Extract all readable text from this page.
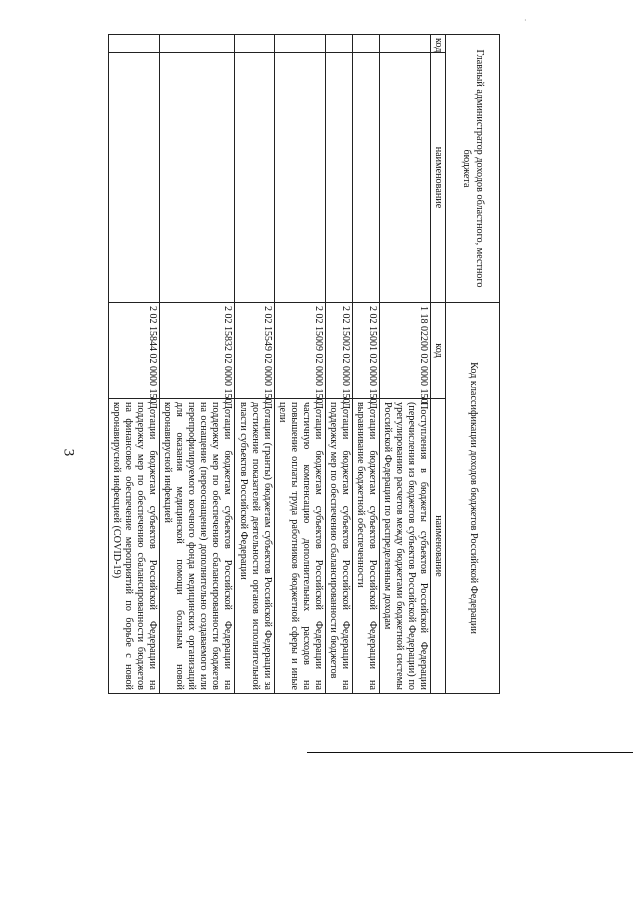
3
·
Главный администратор доходов областного, местного бюджета		Код классификации доходов бюджетов Российской Федерации	
код	наименование	код	наименование
		1 18 02200 02 0000 150	Поступления в бюджеты субъектов Российской Федерации (перечисления из бюджетов субъектов Российской Федерации) по урегулированию расчетов между бюджетами бюджетной системы Российской Федерации по распределенным доходам
		2 02 15001 02 0000 150	Дотации бюджетам субъектов Российской Федерации на выравнивание бюджетной обеспеченности
		2 02 15002 02 0000 150	Дотации бюджетам субъектов Российской Федерации на поддержку мер по обеспечению сбалансированности бюджетов
		2 02 15009 02 0000 150	Дотации бюджетам субъектов Российской Федерации на частичную компенсацию дополнительных расходов на повышение оплаты труда работников бюджетной сферы и иные цели
		2 02 15549 02 0000 150	Дотации (гранты) бюджетам субъектов Российской Федерации за достижение показателей деятельности органов исполнительной власти субъектов Российской Федерации
		2 02 15832 02 0000 150	Дотации бюджетам субъектов Российской Федерации на поддержку мер по обеспечению сбалансированности бюджетов на оснащение (переоснащение) дополнительно создаваемого или перепрофилируемого коечного фонда медицинских организаций для оказания медицинской помощи больным новой коронавирусной инфекцией
		2 02 15844 02 0000 150	Дотации бюджетам субъектов Российской Федерации на поддержку мер по обеспечению сбалансированности бюджетов на финансовое обеспечение мероприятий по борьбе с новой коронавирусной инфекцией (COVID-19)
